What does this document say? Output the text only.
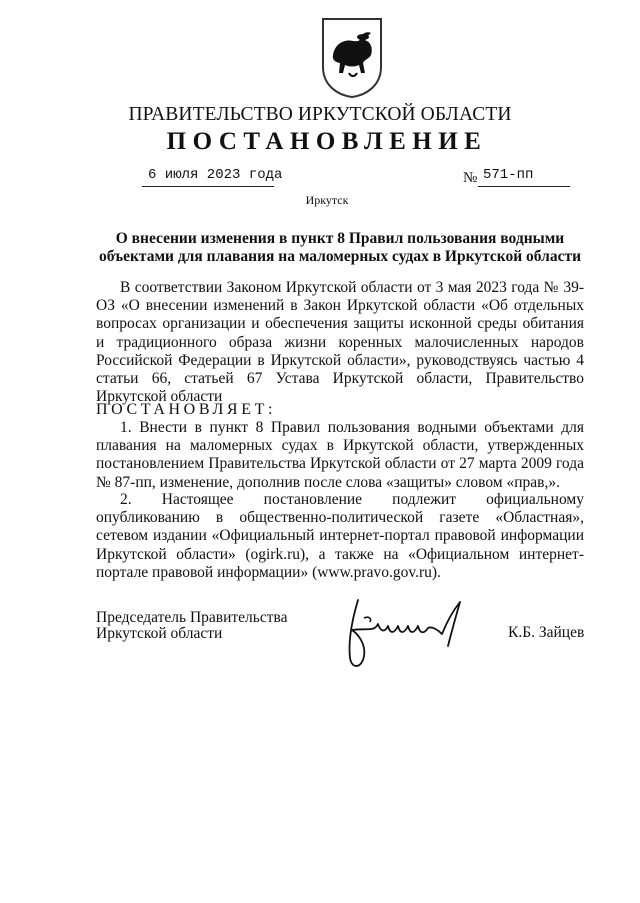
ПРАВИТЕЛЬСТВО ИРКУТСКОЙ ОБЛАСТИ
ПОСТАНОВЛЕНИЕ
6 июля 2023 года	№ 571-пп
Иркутск
О внесении изменения в пункт 8 Правил пользования водными объектами для плавания на маломерных судах в Иркутской области
В соответствии Законом Иркутской области от 3 мая 2023 года № 39-ОЗ «О внесении изменений в Закон Иркутской области «Об отдельных вопросах организации и обеспечения защиты исконной среды обитания и традиционного образа жизни коренных малочисленных народов Российской Федерации в Иркутской области», руководствуясь частью 4 статьи 66, статьей 67 Устава Иркутской области, Правительство Иркутской области
ПОСТАНОВЛЯЕТ:
1. Внести в пункт 8 Правил пользования водными объектами для плавания на маломерных судах в Иркутской области, утвержденных постановлением Правительства Иркутской области от 27 марта 2009 года № 87-пп, изменение, дополнив после слова «защиты» словом «прав,».
2. Настоящее постановление подлежит официальному опубликованию в общественно-политической газете «Областная», сетевом издании «Официальный интернет-портал правовой информации Иркутской области» (ogirk.ru), а также на «Официальном интернет-портале правовой информации» (www.pravo.gov.ru).
Председатель Правительства
Иркутской области	К.Б. Зайцев
